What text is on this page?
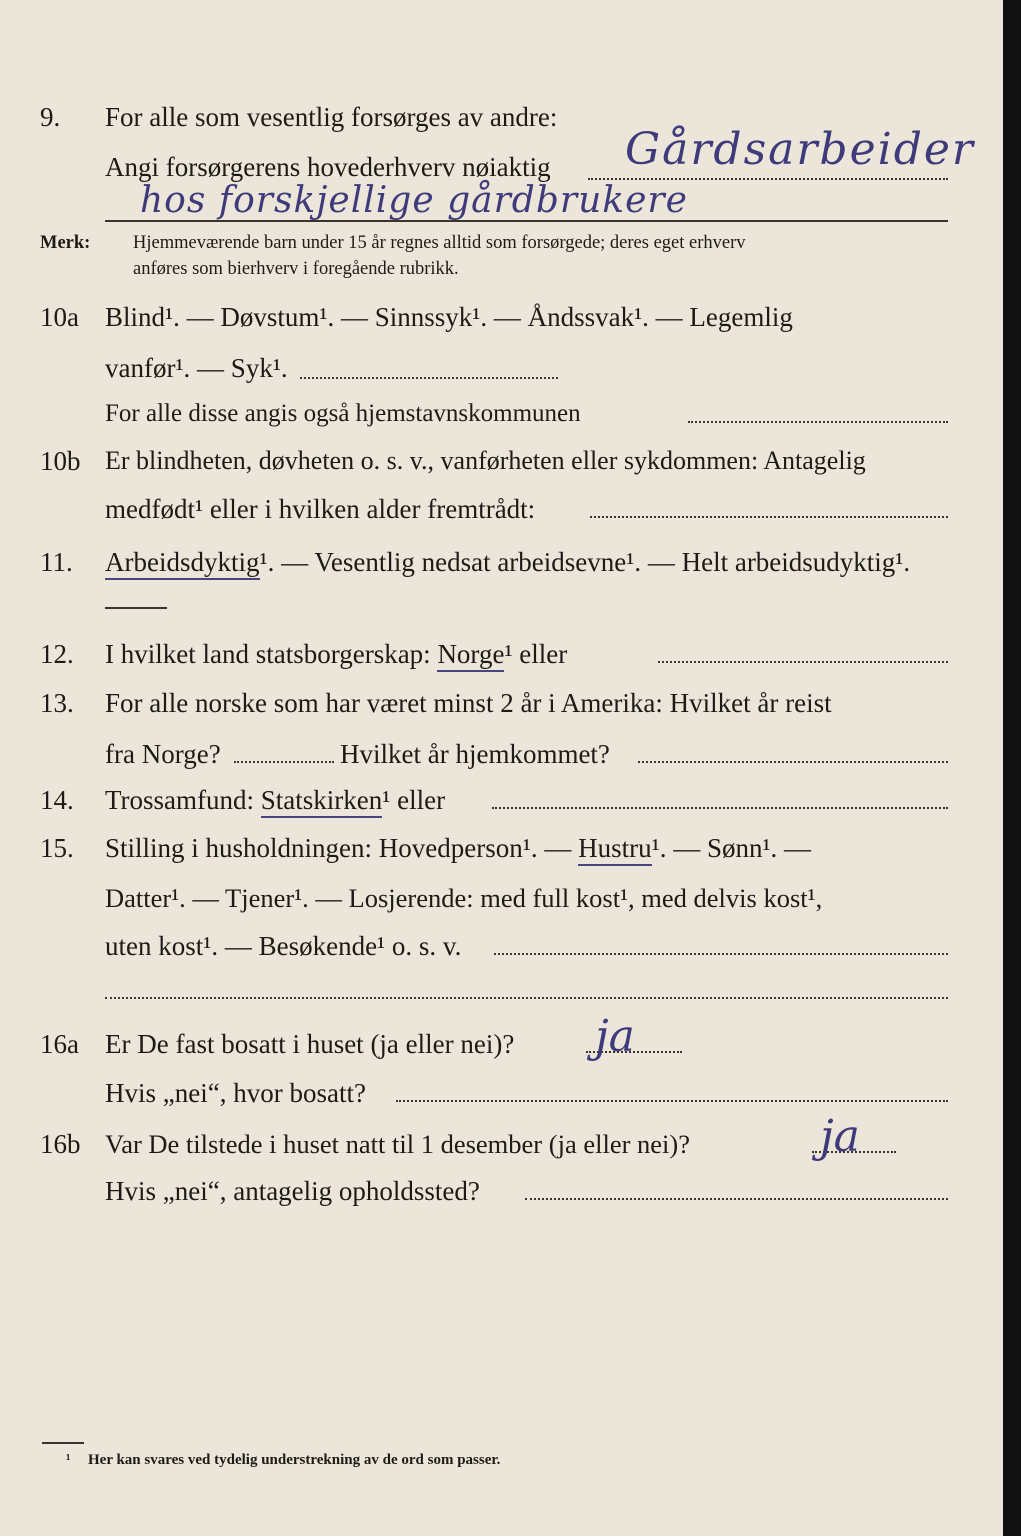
9. For alle som vesentlig forsørges av andre:
Angi forsørgerens hovederhverv nøiaktig Gårdsarbeider
hos forskjellige gårdbrukere
Merk: Hjemmeværende barn under 15 år regnes alltid som forsørgede; deres eget erhverv
anføres som bierhverv i foregående rubrikk.
10a Blind¹. — Døvstum¹. — Sinnssyk¹. — Åndssvak¹. — Legemlig
vanfør¹. — Syk¹.
For alle disse angis også hjemstavnskommunen
10b Er blindheten, døvheten o. s. v., vanførheten eller sykdommen: Antagelig
medfødt¹ eller i hvilken alder fremtrådt:
11. Arbeidsdyktig¹. — Vesentlig nedsat arbeidsevne¹. — Helt arbeidsudyktig¹.
12. I hvilket land statsborgerskap: Norge¹ eller
13. For alle norske som har været minst 2 år i Amerika: Hvilket år reist
fra Norge?	Hvilket år hjemkommet?
14. Trossamfund: Statskirken¹ eller
15. Stilling i husholdningen: Hovedperson¹. — Hustru¹. — Sønn¹. —
Datter¹. — Tjener¹. — Losjerende: med full kost¹, med delvis kost¹,
uten kost¹. — Besøkende¹ o. s. v.
16a Er De fast bosatt i huset (ja eller nei)? ja
Hvis „nei“, hvor bosatt?
16b Var De tilstede i huset natt til 1 desember (ja eller nei)?	ja
Hvis „nei“, antagelig opholdssted?
¹ Her kan svares ved tydelig understrekning av de ord som passer.
